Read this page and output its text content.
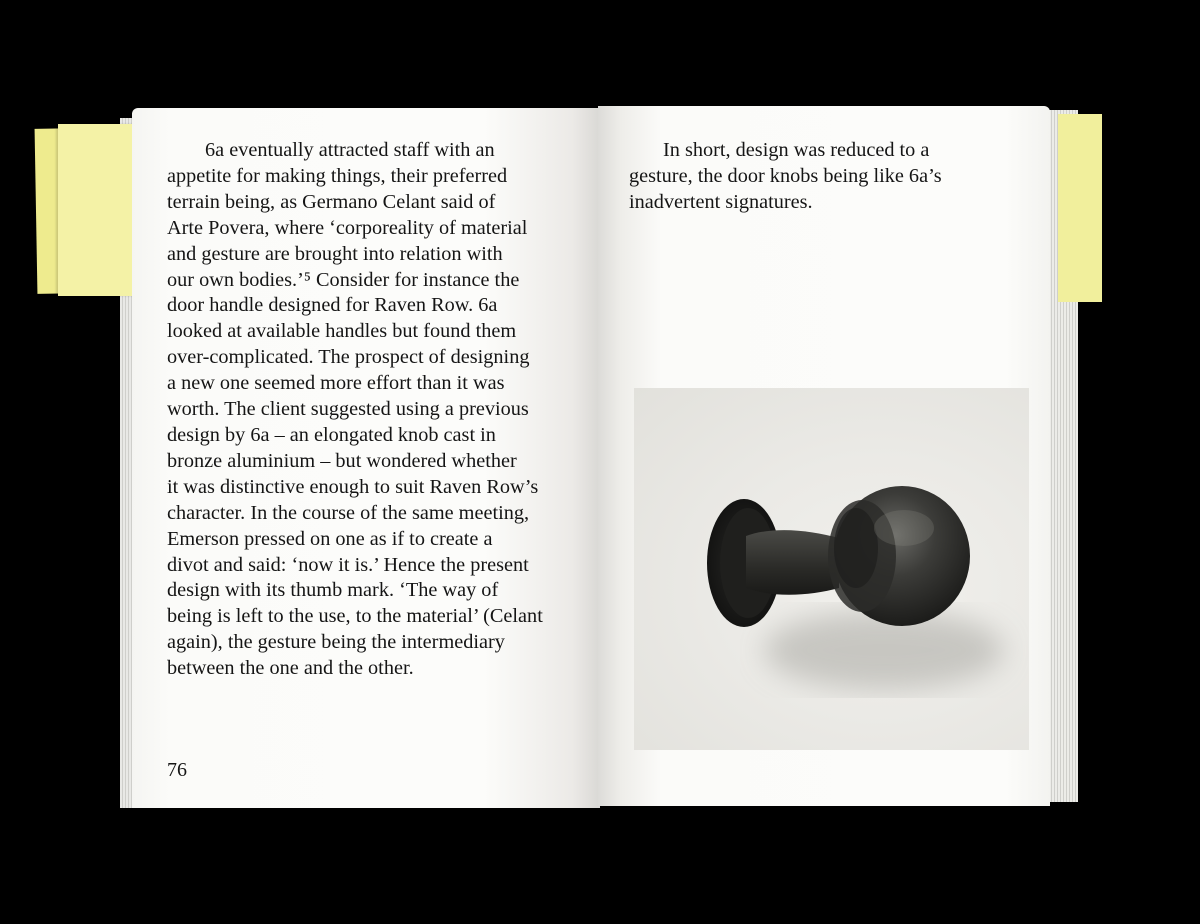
6a eventually attracted staff with an
appetite for making things, their preferred
terrain being, as Germano Celant said of
Arte Povera, where ‘corporeality of material
and gesture are brought into relation with
our own bodies.’⁵ Consider for instance the
door handle designed for Raven Row. 6a
looked at available handles but found them
over-complicated. The prospect of designing
a new one seemed more effort than it was
worth. The client suggested using a previous
design by 6a – an elongated knob cast in
bronze aluminium – but wondered whether
it was distinctive enough to suit Raven Row’s
character. In the course of the same meeting,
Emerson pressed on one as if to create a
divot and said: ‘now it is.’ Hence the present
design with its thumb mark. ‘The way of
being is left to the use, to the material’ (Celant
again), the gesture being the intermediary
between the one and the other.

76

In short, design was reduced to a
gesture, the door knobs being like 6a’s
inadvertent signatures.
